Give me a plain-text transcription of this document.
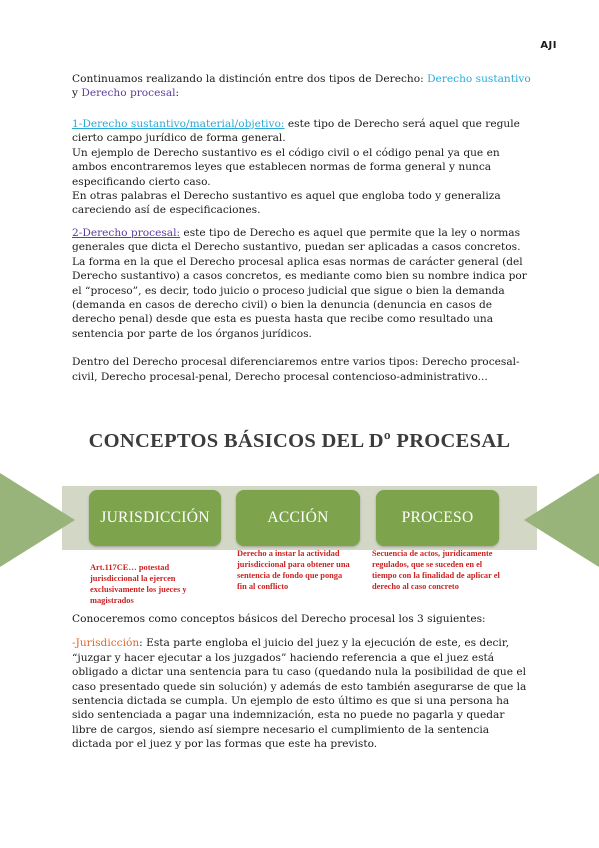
AJI

Continuamos realizando la distinción entre dos tipos de Derecho: Derecho sustantivo y Derecho procesal:

1-Derecho sustantivo/material/objetivo: este tipo de Derecho será aquel que regule cierto campo jurídico de forma general.

Un ejemplo de Derecho sustantivo es el código civil o el código penal ya que en ambos encontraremos leyes que establecen normas de forma general y nunca especificando cierto caso.

En otras palabras el Derecho sustantivo es aquel que engloba todo y generaliza careciendo así de especificaciones.

2-Derecho procesal: este tipo de Derecho es aquel que permite que la ley o normas generales que dicta el Derecho sustantivo, puedan ser aplicadas a casos concretos.

La forma en la que el Derecho procesal aplica esas normas de carácter general (del Derecho sustantivo) a casos concretos, es mediante como bien su nombre indica por el “proceso”, es decir, todo juicio o proceso judicial que sigue o bien la demanda (demanda en casos de derecho civil) o bien la denuncia (denuncia en casos de derecho penal) desde que esta es puesta hasta que recibe como resultado una sentencia por parte de los órganos jurídicos.

Dentro del Derecho procesal diferenciaremos entre varios tipos: Derecho procesal-civil, Derecho procesal-penal, Derecho procesal contencioso-administrativo...

CONCEPTOS BÁSICOS DEL Dº PROCESAL
JURISDICCIÓN	ACCIÓN	PROCESO
Art.117CE… potestad jurisdiccional la ejercen exclusivamente los jueces y magistrados
Derecho a instar la actividad jurisdiccional para obtener una sentencia de fondo que ponga fin al conflicto
Secuencia de actos, jurídicamente regulados, que se suceden en el tiempo con la finalidad de aplicar el derecho al caso concreto

Conoceremos como conceptos básicos del Derecho procesal los 3 siguientes:

-Jurisdicción: Esta parte engloba el juicio del juez y la ejecución de este, es decir, “juzgar y hacer ejecutar a los juzgados” haciendo referencia a que el juez está obligado a dictar una sentencia para tu caso (quedando nula la posibilidad de que el caso presentado quede sin solución) y además de esto también asegurarse de que la sentencia dictada se cumpla. Un ejemplo de esto último es que si una persona ha sido sentenciada a pagar una indemnización, esta no puede no pagarla y quedar libre de cargos, siendo así siempre necesario el cumplimiento de la sentencia dictada por el juez y por las formas que este ha previsto.
